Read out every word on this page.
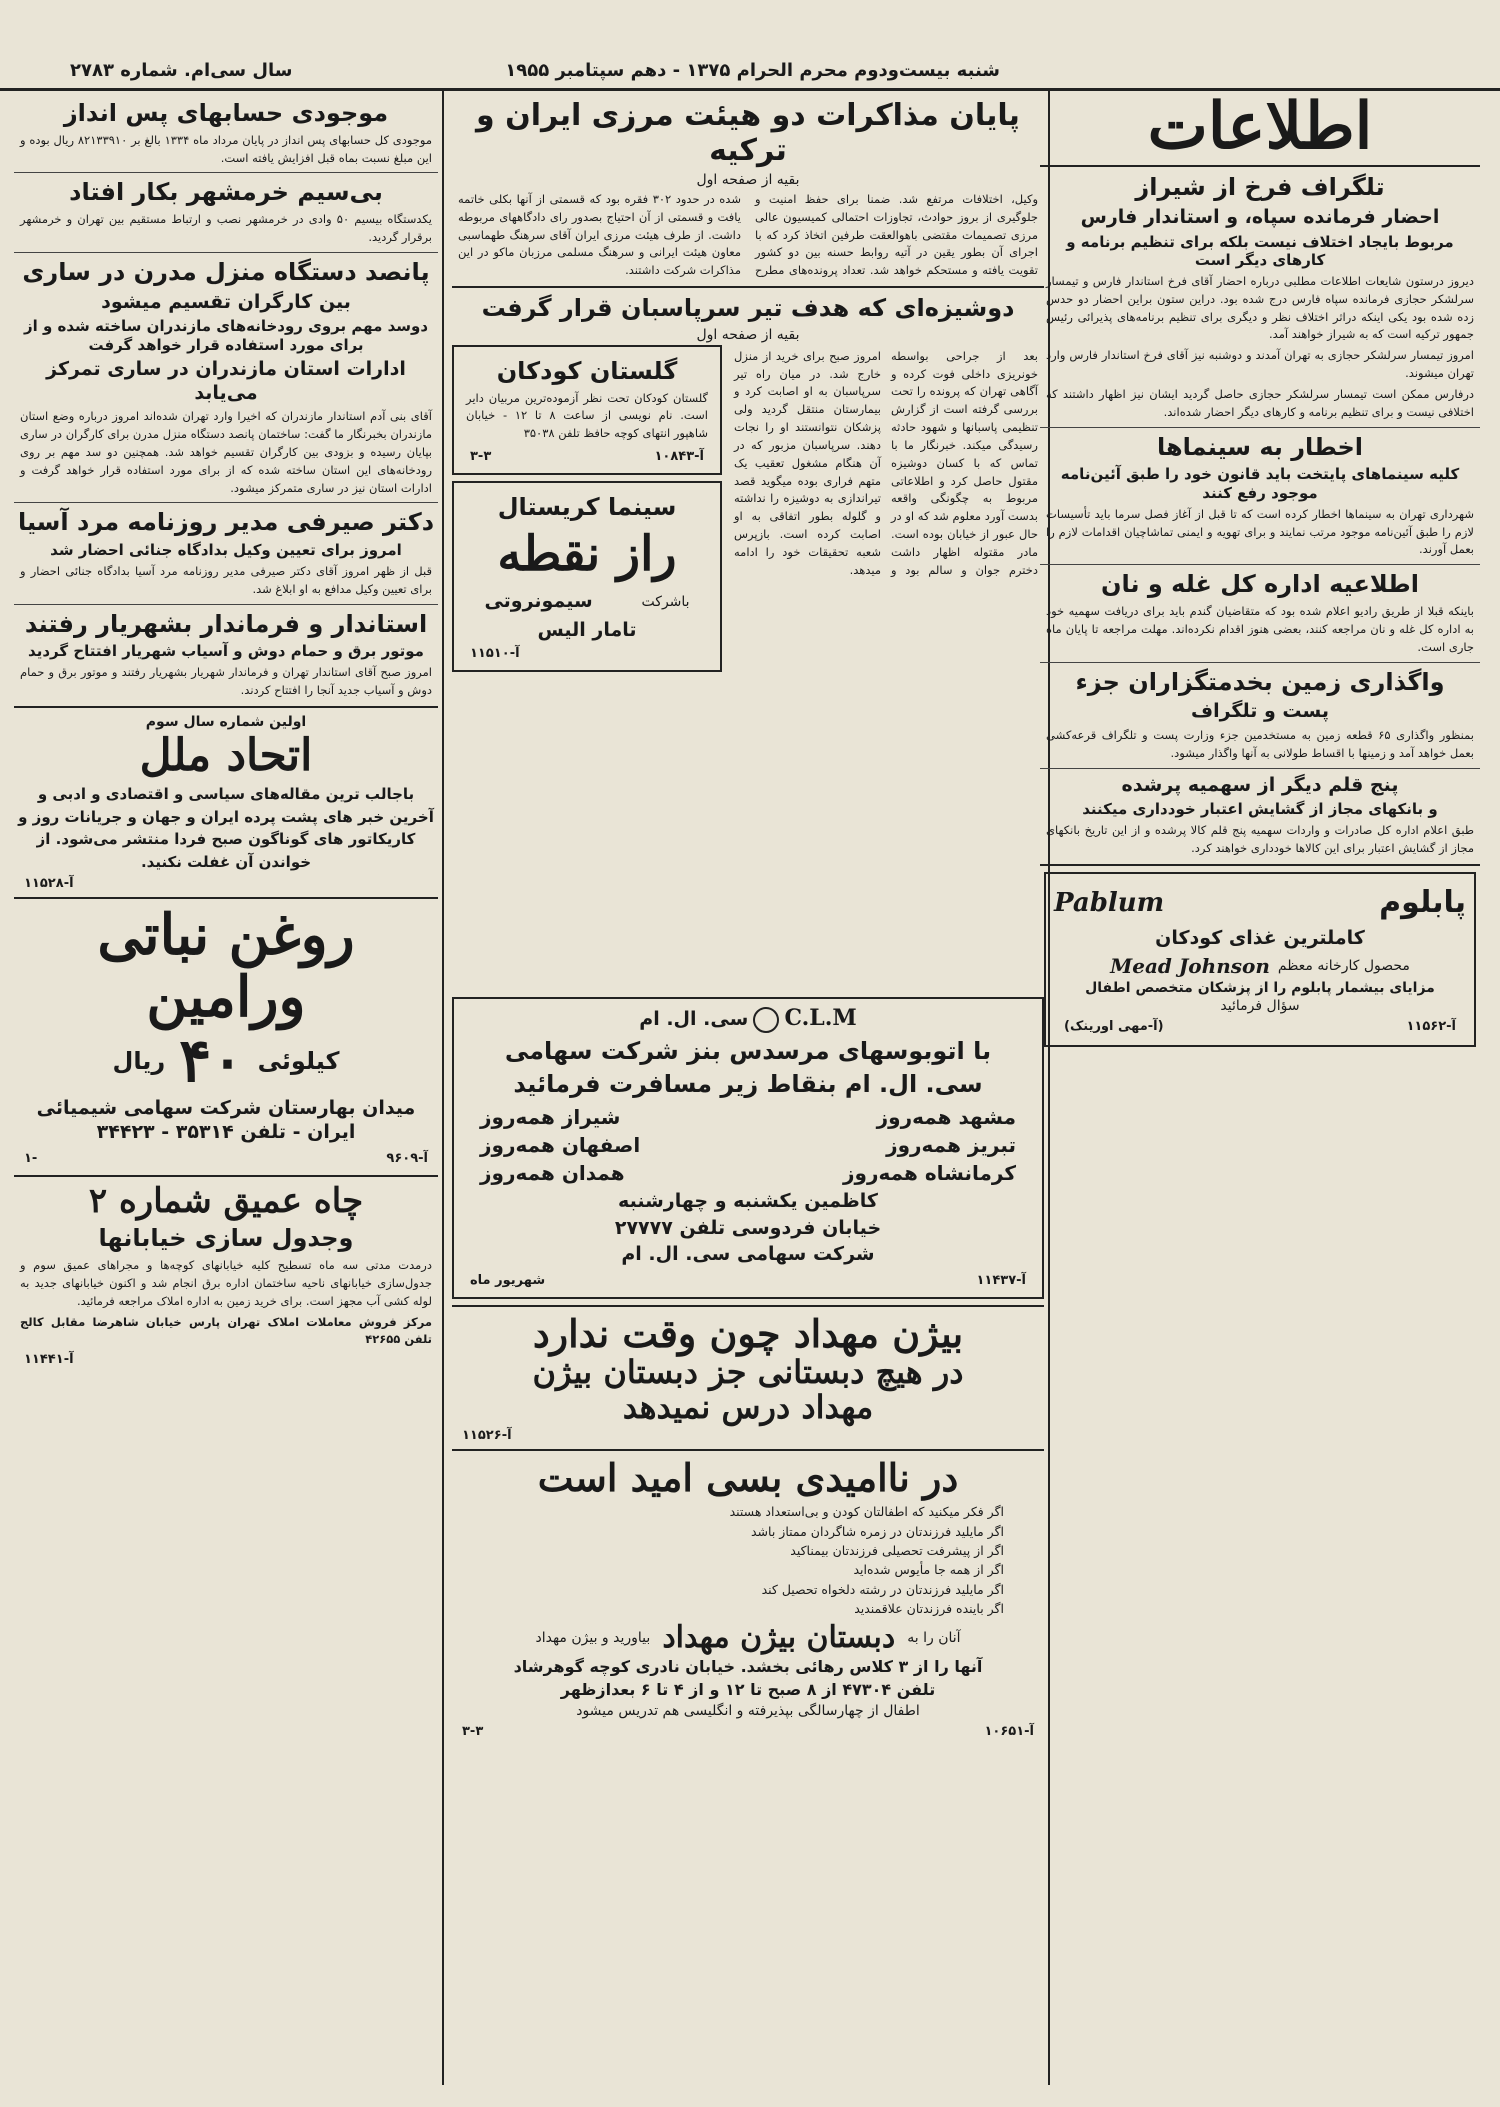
شنبه بیست‌ودوم محرم الحرام ۱۳۷۵ - دهم سپتامبر ۱۹۵۵
سال سی‌ام. شماره ۲۷۸۳
اطلاعات
تلگراف فرخ از شیراز
احضار فرمانده سپاه، و استاندار فارس
مربوط بایجاد اختلاف نیست بلکه برای تنظیم برنامه و کارهای دیگر است
دیروز درستون شایعات اطلاعات مطلبی درباره احضار آقای فرخ استاندار فارس و تیمسار سرلشکر حجازی فرمانده سپاه فارس درج شده بود. دراین ستون براین احضار دو حدس زده شده بود یکی اینکه دراثر اختلاف نظر و دیگری برای تنظیم برنامه‌های پذیرائی رئیس جمهور ترکیه است که به شیراز خواهند آمد.
امروز تیمسار سرلشکر حجازی به تهران آمدند و دوشنبه نیز آقای فرخ استاندار فارس وارد تهران میشوند.
درفارس ممکن است تیمسار سرلشکر حجازی حاصل گردید ایشان نیز اظهار داشتند که اختلافی نیست و برای تنظیم برنامه و کارهای دیگر احضار شده‌اند.
اخطار به سینماها
کلیه سینماهای پایتخت باید قانون خود را طبق آئین‌نامه موجود رفع کنند
شهرداری تهران به سینماها اخطار کرده است که تا قبل از آغاز فصل سرما باید تأسیسات لازم را طبق آئین‌نامه موجود مرتب نمایند و برای تهویه و ایمنی تماشاچیان اقدامات لازم را بعمل آورند.
اطلاعیه اداره کل غله و نان
باینکه قبلا از طریق رادیو اعلام شده بود که متقاضیان گندم باید برای دریافت سهمیه خود به اداره کل غله و نان مراجعه کنند، بعضی هنوز اقدام نکرده‌اند. مهلت مراجعه تا پایان ماه جاری است.
واگذاری زمین بخدمتگزاران جزء
پست و تلگراف
بمنظور واگذاری ۶۵ قطعه زمین به مستخدمین جزء وزارت پست و تلگراف قرعه‌کشی بعمل خواهد آمد و زمینها با اقساط طولانی به آنها واگذار میشود.
پنج قلم دیگر از سهمیه پرشده
و بانکهای مجاز از گشایش اعتبار خودداری میکنند
طبق اعلام اداره کل صادرات و واردات سهمیه پنج قلم کالا پرشده و از این تاریخ بانکهای مجاز از گشایش اعتبار برای این کالاها خودداری خواهند کرد.
پابلوم
Pablum
کاملترین غذای کودکان
محصول کارخانه معظم
Mead Johnson
مزایای بیشمار پابلوم را از پزشکان متخصص اطفال
سؤال فرمائید
آ-۱۱۵۶۲
(آ-مهی اورینک)
پایان مذاکرات دو هیئت مرزی ایران و ترکیه
بقیه از صفحه اول
وکیل، اختلافات مرتفع شد. ضمنا برای حفظ امنیت و جلوگیری از بروز حوادث، تجاوزات احتمالی کمیسیون عالی مرزی تصمیمات مقتضی باهوالعقت طرفین اتخاذ کرد که با اجرای آن بطور یقین در آتیه روابط حسنه بین دو کشور تقویت یافته و مستحکم خواهد شد. تعداد پرونده‌های مطرح شده در حدود ۳۰۲ فقره بود که قسمتی از آنها بکلی خاتمه یافت و قسمتی از آن احتیاج بصدور رای دادگاههای مربوطه داشت. از طرف هیئت مرزی ایران آقای سرهنگ طهماسبی معاون هیئت ایرانی و سرهنگ مسلمی مرزبان ماکو در این مذاکرات شرکت داشتند.
دوشیزه‌ای که هدف تیر سرپاسبان قرار گرفت
بقیه از صفحه اول
بعد از جراحی بواسطه خونریزی داخلی فوت کرده و آگاهی تهران که پرونده را تحت بررسی گرفته است از گزارش تنظیمی پاسبانها و شهود حادثه رسیدگی میکند. خبرنگار ما با تماس که با کسان دوشیزه مقتول حاصل کرد و اطلاعاتی مربوط به چگونگی واقعه بدست آورد معلوم شد که او در حال عبور از خیابان بوده است. مادر مقتوله اظهار داشت دخترم جوان و سالم بود و امروز صبح برای خرید از منزل خارج شد. در میان راه تیر سرپاسبان به او اصابت کرد و بیمارستان منتقل گردید ولی پزشکان نتوانستند او را نجات دهند. سرپاسبان مزبور که در آن هنگام مشغول تعقیب یک متهم فراری بوده میگوید قصد تیراندازی به دوشیزه را نداشته و گلوله بطور اتفاقی به او اصابت کرده است. بازپرس شعبه تحقیقات خود را ادامه میدهد.
گلستان کودکان
گلستان کودکان تحت نظر آزموده‌ترین مربیان داير است. نام نویسی از ساعت ۸ تا ۱۲ - خیابان شاهپور انتهای کوچه حافظ تلفن ۳۵۰۳۸
آ-۱۰۸۴۳
۳-۳
سینما کریستال
راز نقطه
باشرکت
سیمونروتی
تامار الیس
آ-۱۱۵۱۰
C.L.M  سی. ال. ام
با اتوبوسهای مرسدس بنز شرکت سهامی
سی. ال. ام بنقاط زیر مسافرت فرمائید
مشهد همه‌روز
شیراز همه‌روز
تبریز همه‌روز
اصفهان همه‌روز
کرمانشاه همه‌روز
همدان همه‌روز
کاظمین یکشنبه و چهارشنبه
خیابان فردوسی تلفن ۲۷۷۷۷
شرکت سهامی سی. ال. ام
آ-۱۱۴۳۷
شهریور ماه
بیژن مهداد چون وقت ندارد
در هیچ دبستانی جز دبستان بیژن
مهداد درس نمیدهد
آ-۱۱۵۲۶
در ناامیدی بسی امید است
اگر فکر میکنید که اطفالتان کودن و بی‌استعداد هستند
اگر مایلید فرزندتان در زمره شاگردان ممتاز باشد
اگر از پیشرفت تحصیلی فرزندتان بیمناکید
اگر از همه جا مأیوس شده‌اید
اگر مایلید فرزندتان در رشته دلخواه تحصیل کند
اگر باینده فرزندتان علاقمندید
آنان را به
دبستان بیژن مهداد
بیاورید و بیژن مهداد
آنها را از ۳ کلاس رهائی بخشد. خیابان نادری کوچه گوهرشاد
تلفن ۴۷۳۰۴ از ۸ صبح تا ۱۲ و از ۴ تا ۶ بعدازظهر
اطفال از چهارسالگی بپذیرفته و انگلیسی هم تدریس میشود
آ-۱۰۶۵۱
۳-۳
موجودی حسابهای پس انداز
موجودی کل حسابهای پس انداز در پایان مرداد ماه ۱۳۳۴ بالغ بر ۸۲۱۳۳۹۱۰ ریال بوده و این مبلغ نسبت بماه قبل افزایش یافته است.
بی‌سیم خرمشهر بکار افتاد
یکدستگاه بیسیم ۵۰ وادی در خرمشهر نصب و ارتباط مستقیم بین تهران و خرمشهر برقرار گردید.
پانصد دستگاه منزل مدرن در ساری
بین کارگران تقسیم میشود
دوسد مهم بروی رودخانه‌های مازندران ساخته شده و از برای مورد استفاده قرار خواهد گرفت
ادارات استان مازندران در ساری تمرکز می‌یابد
آقای بنی آدم استاندار مازندران که اخیرا وارد تهران شده‌اند امروز درباره وضع استان مازندران بخبرنگار ما گفت: ساختمان پانصد دستگاه منزل مدرن برای کارگران در ساری بپایان رسیده و بزودی بین کارگران تقسیم خواهد شد. همچنین دو سد مهم بر روی رودخانه‌های این استان ساخته شده که از برای مورد استفاده قرار خواهد گرفت و ادارات استان نیز در ساری متمرکز میشود.
دکتر صیرفی مدیر روزنامه مرد آسیا
امروز برای تعیین وکیل بدادگاه جنائی احضار شد
قبل از ظهر امروز آقای دکتر صیرفی مدیر روزنامه مرد آسیا بدادگاه جنائی احضار و برای تعیین وکیل مدافع به او ابلاغ شد.
استاندار و فرماندار بشهریار رفتند
موتور برق و حمام دوش و آسیاب شهریار افتتاح گردید
امروز صبح آقای استاندار تهران و فرماندار شهریار بشهریار رفتند و موتور برق و حمام دوش و آسیاب جدید آنجا را افتتاح کردند.
اولین شماره سال سوم
اتحاد ملل
باجالب ترین مقاله‌های سیاسی و اقتصادی و ادبی و آخرین خبر های پشت پرده ایران و جهان و جریانات روز و کاریکاتور های گوناگون صبح فردا منتشر می‌شود. از خواندن آن غفلت نکنید.
آ-۱۱۵۲۸
روغن نباتی ورامین
کیلوئی
۴۰
ریال
میدان بهارستان شرکت سهامی شیمیائی ایران - تلفن ۳۵۳۱۴ - ۳۴۴۲۳
آ-۹۶۰۹
۱-
چاه عمیق شماره ۲
وجدول سازی خیابانها
درمدت مدتی سه ماه تسطیح کلیه خیابانهای کوچه‌ها و مجراهای عمیق سوم و جدول‌سازی خیابانهای ناحیه ساختمان اداره برق انجام شد و اکنون خیابانهای جدید به لوله کشی آب مجهز است. برای خرید زمین به اداره املاک مراجعه فرمائید.
مرکز فروش معاملات املاک تهران پارس خیابان شاهرضا مقابل کالج تلفن ۴۲۶۵۵
آ-۱۱۴۴۱
